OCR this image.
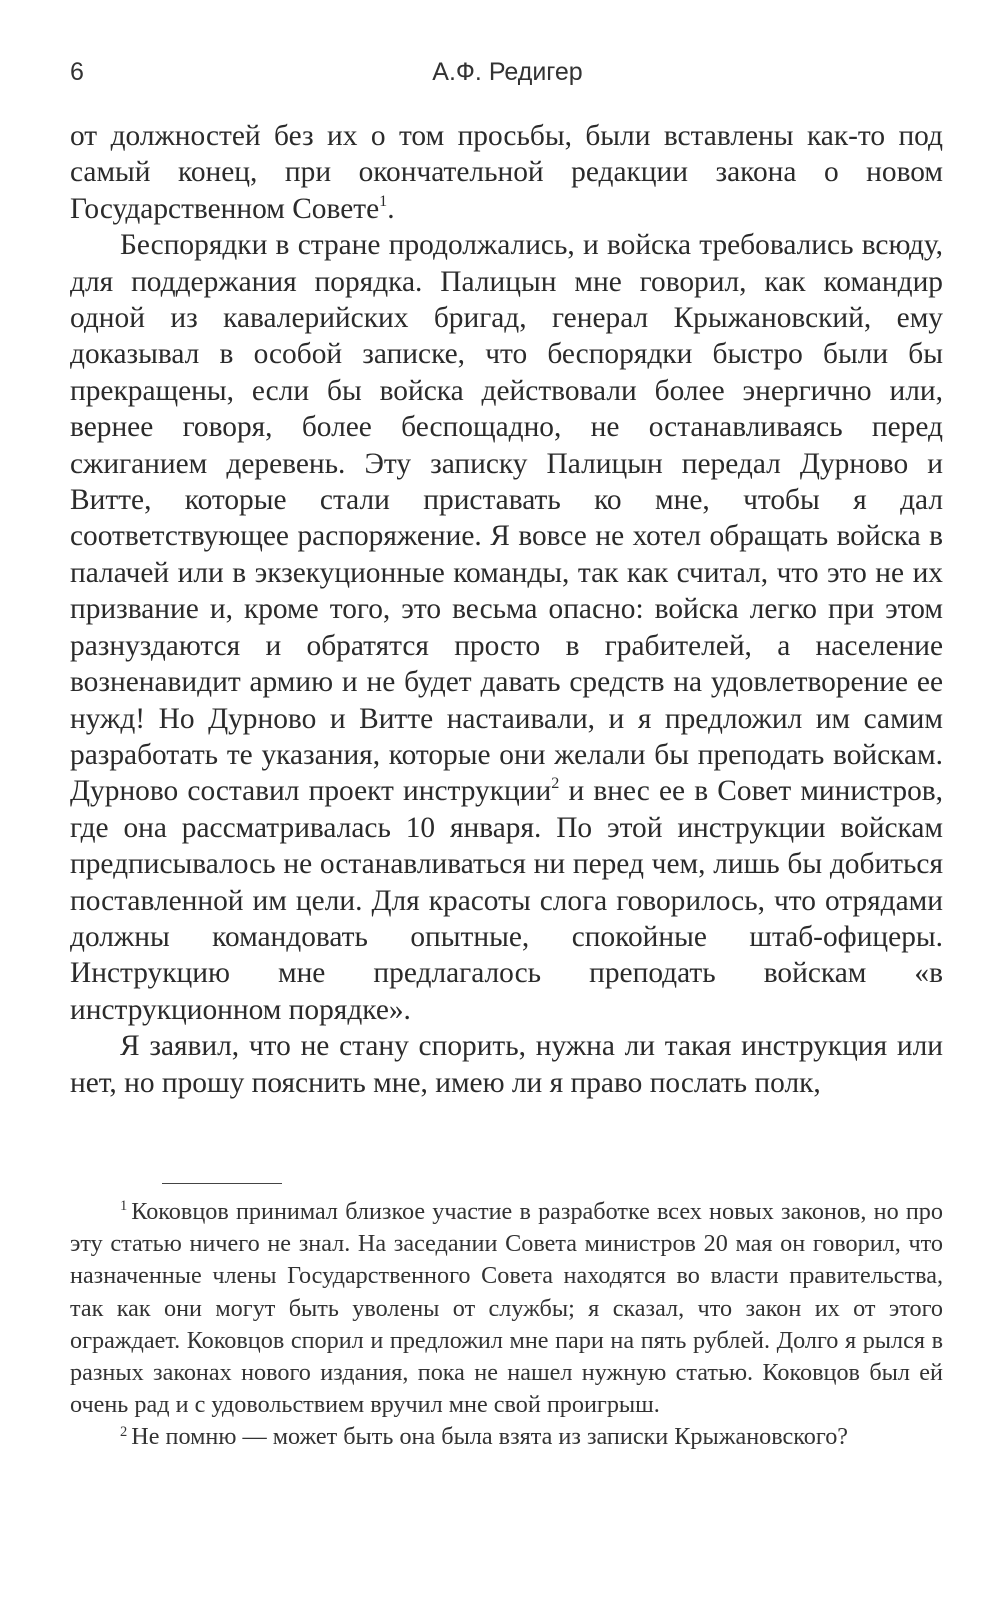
6	А.Ф. Редигер

от должностей без их о том просьбы, были вставлены как-то под самый конец, при окончательной редакции закона о новом Государственном Совете$^1$.

Беспорядки в стране продолжались, и войска требовались всюду, для поддержания порядка. Палицын мне говорил, как командир одной из кавалерийских бригад, генерал Крыжановский, ему доказывал в особой записке, что беспорядки быстро были бы прекращены, если бы войска действовали более энергично или, вернее говоря, более беспощадно, не останавливаясь перед сжиганием деревень. Эту записку Палицын передал Дурново и Витте, которые стали приставать ко мне, чтобы я дал соответствующее распоряжение. Я вовсе не хотел обращать войска в палачей или в экзекуционные команды, так как считал, что это не их призвание и, кроме того, это весьма опасно: войска легко при этом разнуздаются и обратятся просто в грабителей, а население возненавидит армию и не будет давать средств на удовлетворение ее нужд! Но Дурново и Витте настаивали, и я предложил им самим разработать те указания, которые они желали бы преподать войскам. Дурново составил проект инструкции$^2$ и внес ее в Совет министров, где она рассматривалась 10 января. По этой инструкции войскам предписывалось не останавливаться ни перед чем, лишь бы добиться поставленной им цели. Для красоты слога говорилось, что отрядами должны командовать опытные, спокойные штаб-офицеры. Инструкцию мне предлагалось преподать войскам «в инструкционном порядке».

Я заявил, что не стану спорить, нужна ли такая инструкция или нет, но прошу пояснить мне, имею ли я право послать полк,

$^1$ Коковцов принимал близкое участие в разработке всех новых законов, но про эту статью ничего не знал. На заседании Совета министров 20 мая он говорил, что назначенные члены Государственного Совета находятся во власти правительства, так как они могут быть уволены от службы; я сказал, что закон их от этого ограждает. Коковцов спорил и предложил мне пари на пять рублей. Долго я рылся в разных законах нового издания, пока не нашел нужную статью. Коковцов был ей очень рад и с удовольствием вручил мне свой проигрыш.

$^2$ Не помню — может быть она была взята из записки Крыжановского?
